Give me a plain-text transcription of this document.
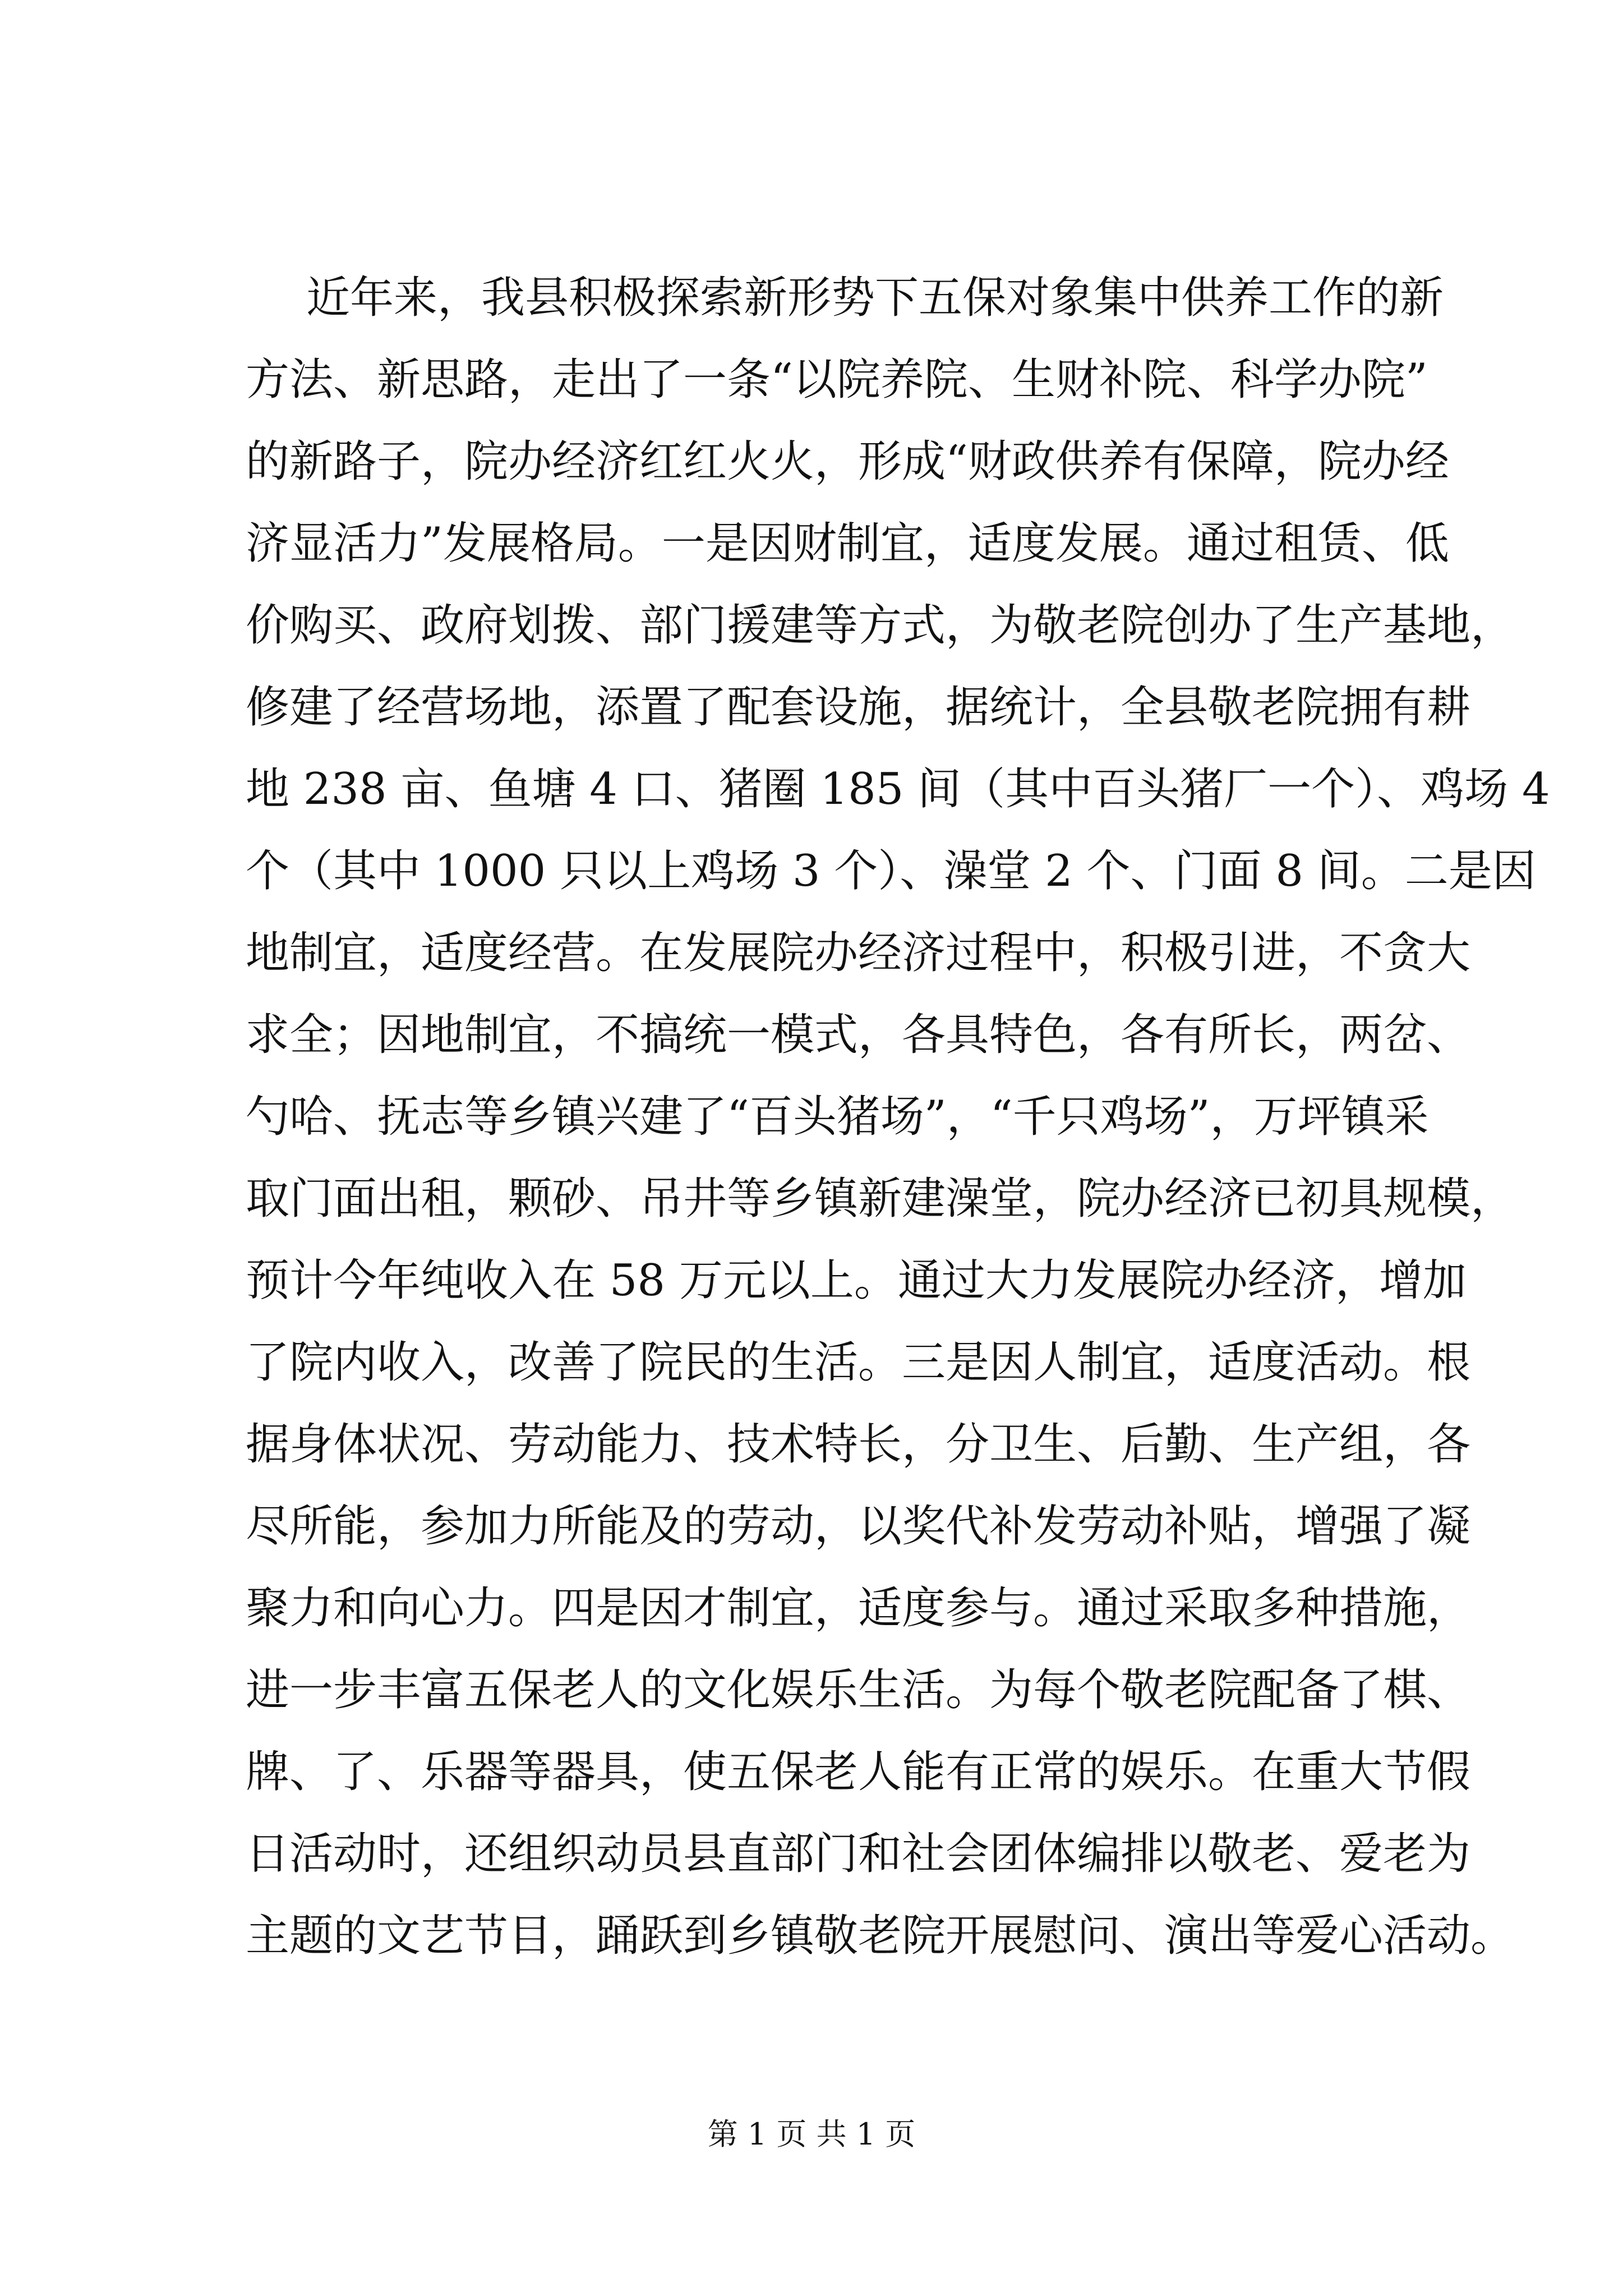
近年来，我县积极探索新形势下五保对象集中供养工作的新
方法、新思路，走出了一条“以院养院、生财补院、科学办院”
的新路子，院办经济红红火火，形成“财政供养有保障，院办经
济显活力”发展格局。一是因财制宜，适度发展。通过租赁、低
价购买、政府划拨、部门援建等方式，为敬老院创办了生产基地，
修建了经营场地，添置了配套设施，据统计，全县敬老院拥有耕
地 238 亩、鱼塘 4 口、猪圈 185 间（其中百头猪厂一个）、鸡场 4
个（其中 1000 只以上鸡场 3 个）、澡堂 2 个、门面 8 间。二是因
地制宜，适度经营。在发展院办经济过程中，积极引进，不贪大
求全；因地制宜，不搞统一模式，各具特色，各有所长，两岔、
勺哈、抚志等乡镇兴建了“百头猪场”，“千只鸡场”，万坪镇采
取门面出租，颗砂、吊井等乡镇新建澡堂，院办经济已初具规模，
预计今年纯收入在 58 万元以上。通过大力发展院办经济，增加
了院内收入，改善了院民的生活。三是因人制宜，适度活动。根
据身体状况、劳动能力、技术特长，分卫生、后勤、生产组，各
尽所能，参加力所能及的劳动，以奖代补发劳动补贴，增强了凝
聚力和向心力。四是因才制宜，适度参与。通过采取多种措施，
进一步丰富五保老人的文化娱乐生活。为每个敬老院配备了棋、
牌、了、乐器等器具，使五保老人能有正常的娱乐。在重大节假
日活动时，还组织动员县直部门和社会团体编排以敬老、爱老为
主题的文艺节目，踊跃到乡镇敬老院开展慰问、演出等爱心活动。
第 1 页 共 1 页
